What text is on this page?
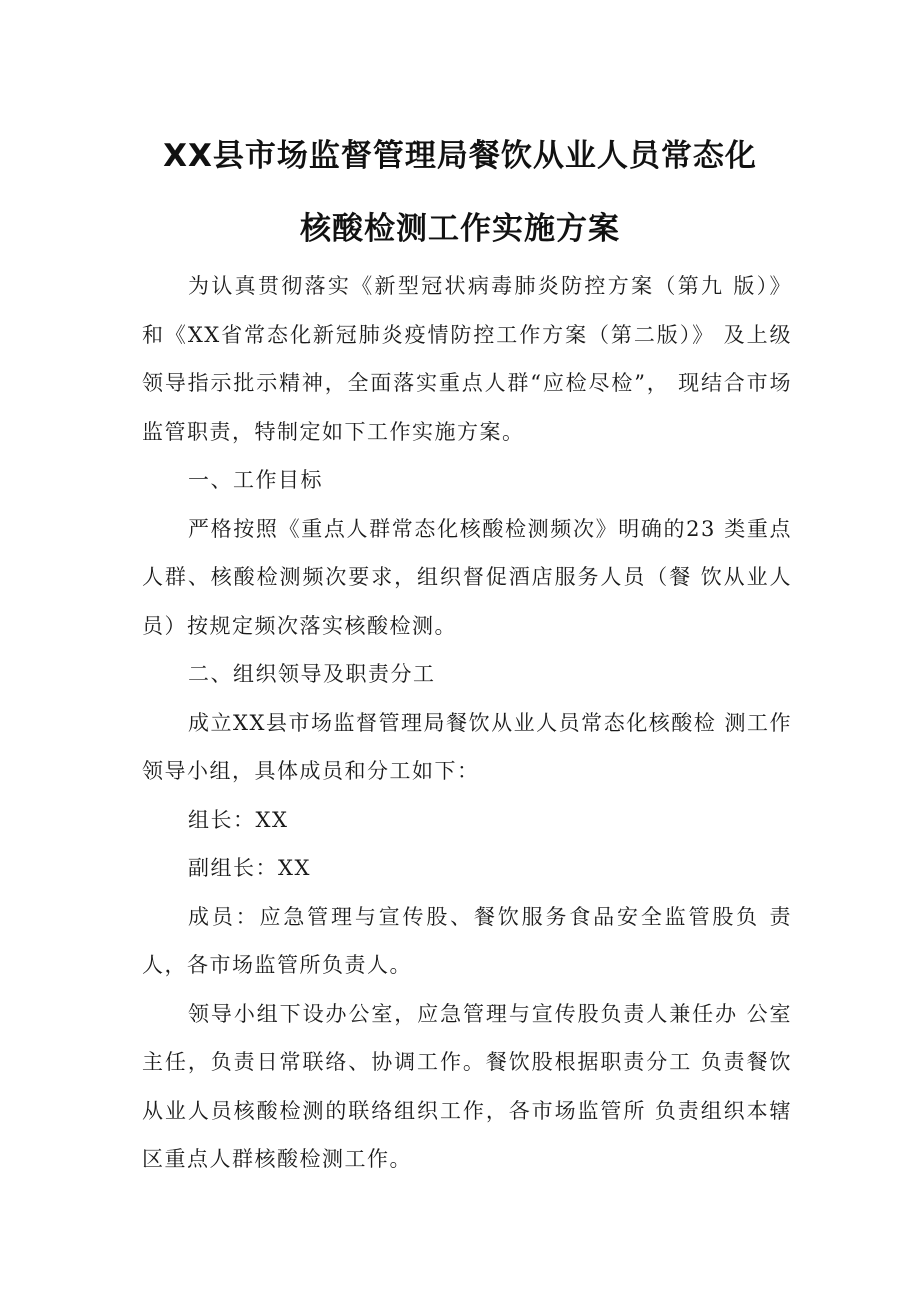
XX县市场监督管理局餐饮从业人员常态化
核酸检测工作实施方案

为认真贯彻落实《新型冠状病毒肺炎防控方案（第九 版）》和《XX省常态化新冠肺炎疫情防控工作方案（第二版）》 及上级领导指示批示精神，全面落实重点人群“应检尽检”， 现结合市场监管职责，特制定如下工作实施方案。

一、工作目标

严格按照《重点人群常态化核酸检测频次》明确的23 类重点人群、核酸检测频次要求，组织督促酒店服务人员（餐 饮从业人员）按规定频次落实核酸检测。

二、组织领导及职责分工

成立XX县市场监督管理局餐饮从业人员常态化核酸检 测工作领导小组，具体成员和分工如下：

组长：XX

副组长：XX

成员：应急管理与宣传股、餐饮服务食品安全监管股负 责人，各市场监管所负责人。

领导小组下设办公室，应急管理与宣传股负责人兼任办 公室主任，负责日常联络、协调工作。餐饮股根据职责分工 负责餐饮从业人员核酸检测的联络组织工作，各市场监管所 负责组织本辖区重点人群核酸检测工作。
